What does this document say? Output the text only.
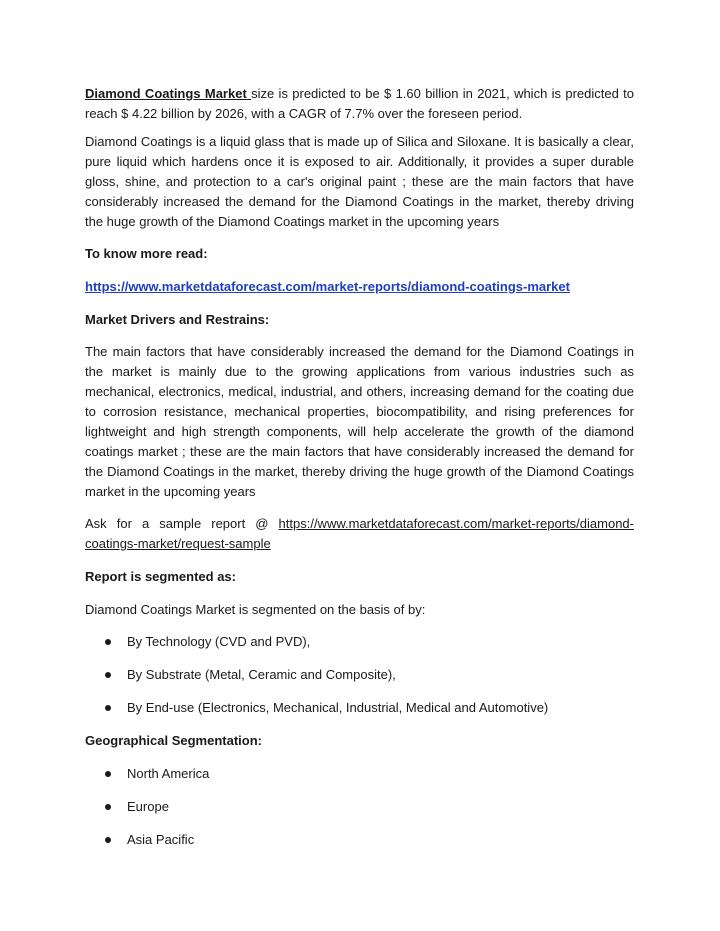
Diamond Coatings Market size is predicted to be $ 1.60 billion in 2021, which is predicted to reach $ 4.22 billion by 2026, with a CAGR of 7.7% over the foreseen period.

Diamond Coatings is a liquid glass that is made up of Silica and Siloxane. It is basically a clear, pure liquid which hardens once it is exposed to air. Additionally, it provides a super durable gloss, shine, and protection to a car's original paint ; these are the main factors that have considerably increased the demand for the Diamond Coatings in the market, thereby driving the huge growth of the Diamond Coatings market in the upcoming years

To know more read:

https://www.marketdataforecast.com/market-reports/diamond-coatings-market

Market Drivers and Restrains:

The main factors that have considerably increased the demand for the Diamond Coatings in the market is mainly due to the growing applications from various industries such as mechanical, electronics, medical, industrial, and others, increasing demand for the coating due to corrosion resistance, mechanical properties, biocompatibility, and rising preferences for lightweight and high strength components, will help accelerate the growth of the diamond coatings market ; these are the main factors that have considerably increased the demand for the Diamond Coatings in the market, thereby driving the huge growth of the Diamond Coatings market in the upcoming years

Ask for a sample report @ https://www.marketdataforecast.com/market-reports/diamond-coatings-market/request-sample

Report is segmented as:

Diamond Coatings Market is segmented on the basis of by:

By Technology (CVD and PVD),
By Substrate (Metal, Ceramic and Composite),
By End-use (Electronics, Mechanical, Industrial, Medical and Automotive)

Geographical Segmentation:

North America
Europe
Asia Pacific
